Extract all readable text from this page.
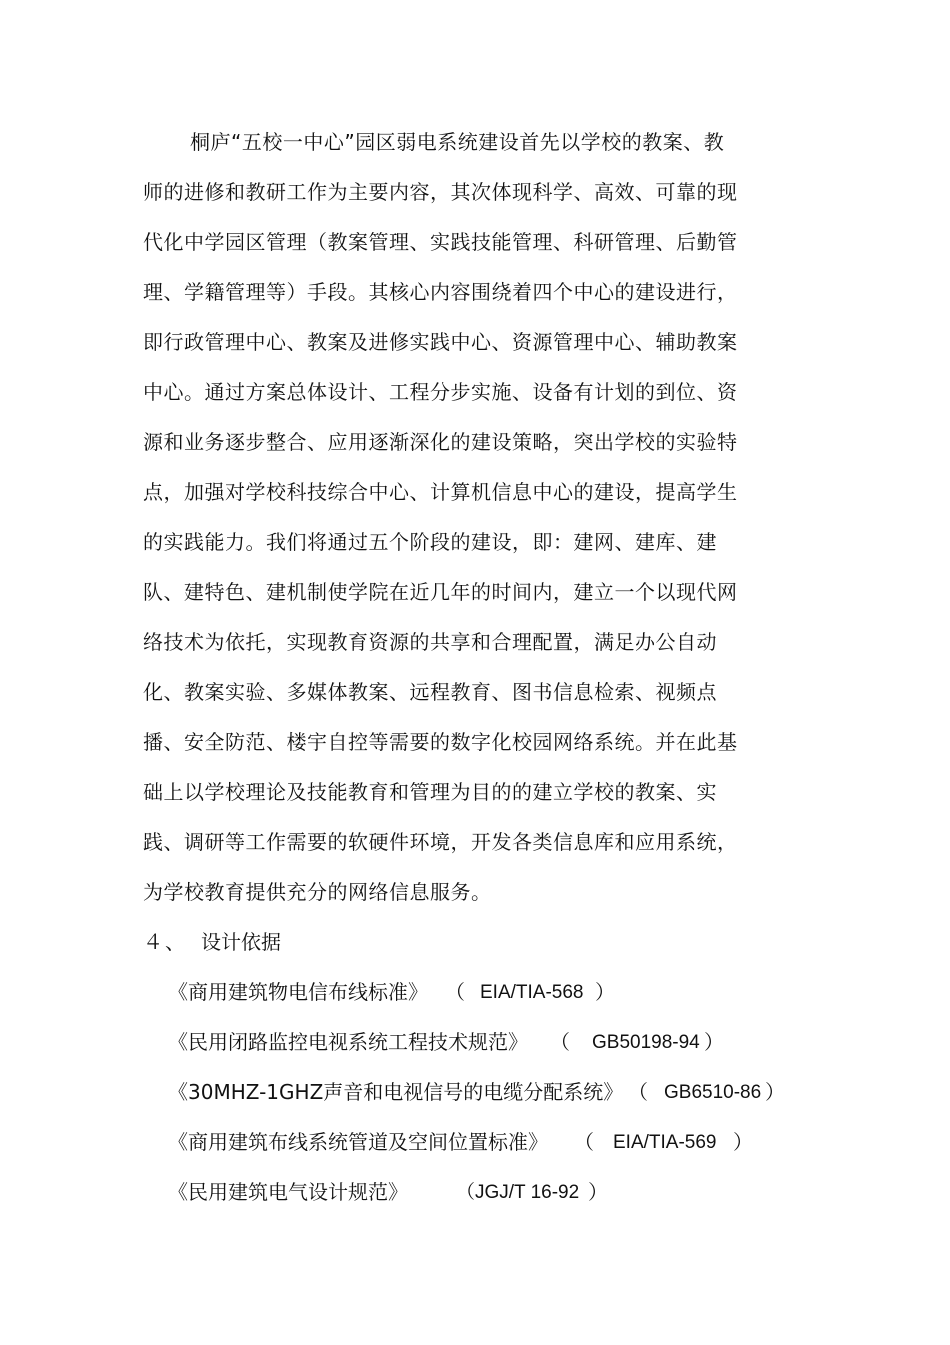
桐庐“五校一中心”园区弱电系统建设首先以学校的教案、教
师的进修和教研工作为主要内容，其次体现科学、高效、可靠的现
代化中学园区管理（教案管理、实践技能管理、科研管理、后勤管
理、学籍管理等）手段。其核心内容围绕着四个中心的建设进行，
即行政管理中心、教案及进修实践中心、资源管理中心、辅助教案
中心。通过方案总体设计、工程分步实施、设备有计划的到位、资
源和业务逐步整合、应用逐渐深化的建设策略，突出学校的实验特
点，加强对学校科技综合中心、计算机信息中心的建设，提高学生
的实践能力。我们将通过五个阶段的建设，即：建网、建库、建
队、建特色、建机制使学院在近几年的时间内，建立一个以现代网
络技术为依托，实现教育资源的共享和合理配置，满足办公自动
化、教案实验、多媒体教案、远程教育、图书信息检索、视频点
播、安全防范、楼宇自控等需要的数字化校园网络系统。并在此基
础上以学校理论及技能教育和管理为目的的建立学校的教案、实
践、调研等工作需要的软硬件环境，开发各类信息库和应用系统，
为学校教育提供充分的网络信息服务。
４、 设计依据
《商用建筑物电信布线标准》 （ EIA/TIA-568 ）
《民用闭路监控电视系统工程技术规范》 （ GB50198-94 ）
《30MHZ-1GHZ声音和电视信号的电缆分配系统》 （ GB6510-86 ）
《商用建筑布线系统管道及空间位置标准》 （ EIA/TIA-569 ）
《民用建筑电气设计规范》	（JGJ/T 16-92 ）
